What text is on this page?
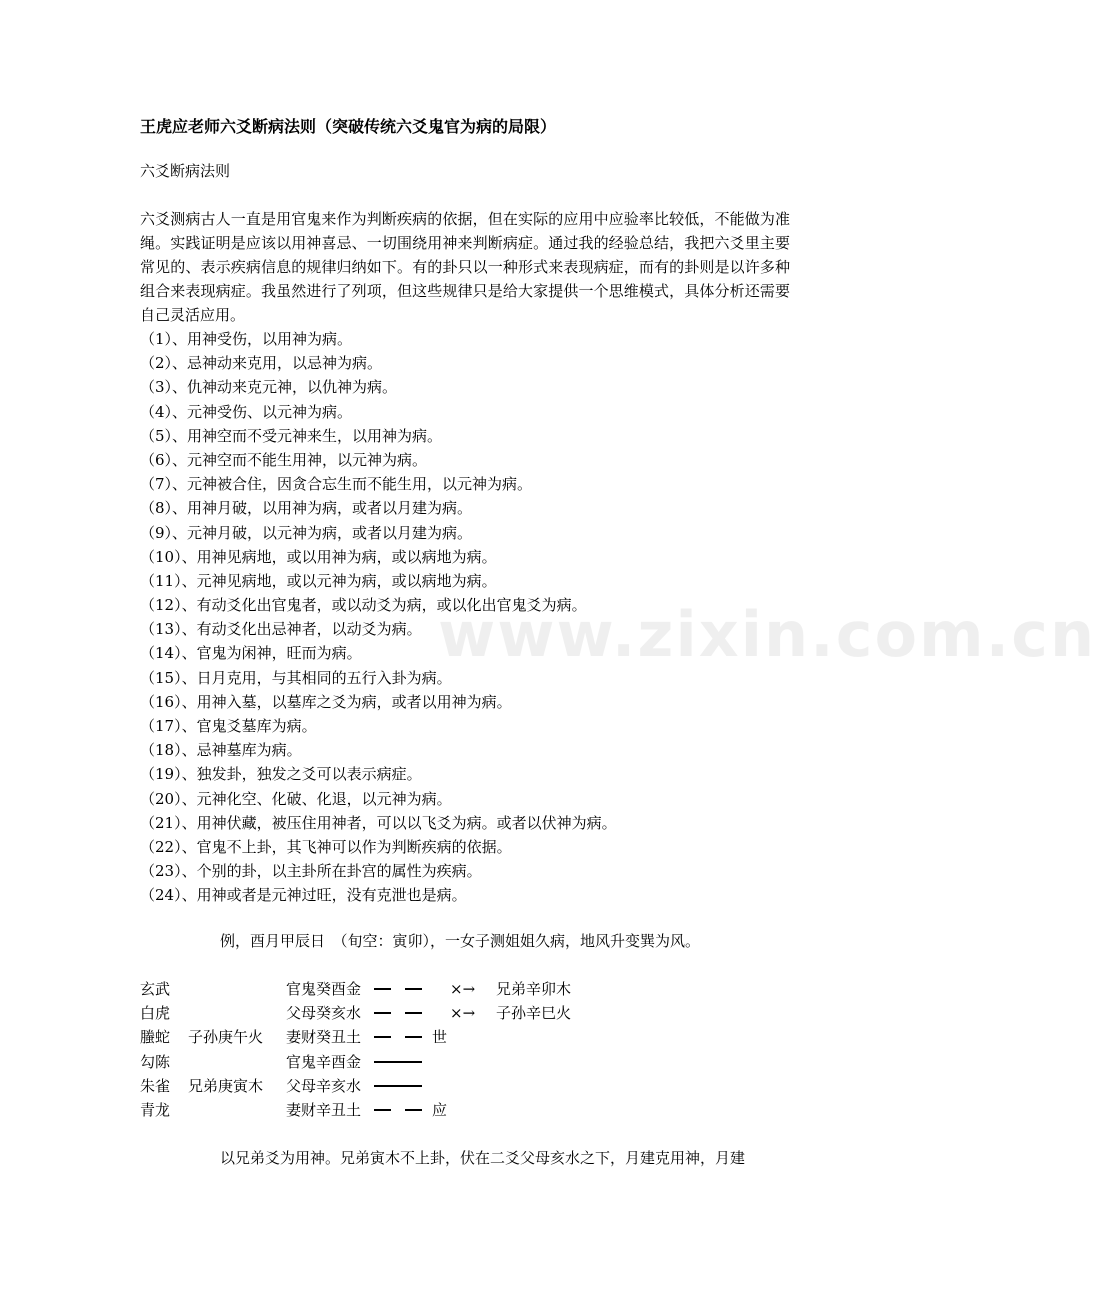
www.zixin.com.cn
王虎应老师六爻断病法则（突破传统六爻鬼官为病的局限）
六爻断病法则

六爻测病古人一直是用官鬼来作为判断疾病的依据，但在实际的应用中应验率比较低，不能做为准绳。实践证明是应该以用神喜忌、一切围绕用神来判断病症。通过我的经验总结，我把六爻里主要常见的、表示疾病信息的规律归纳如下。有的卦只以一种形式来表现病症，而有的卦则是以许多种组合来表现病症。我虽然进行了列项，但这些规律只是给大家提供一个思维模式，具体分析还需要自己灵活应用。

（1）、用神受伤，以用神为病。
（2）、忌神动来克用，以忌神为病。
（3）、仇神动来克元神，以仇神为病。
（4）、元神受伤、以元神为病。
（5）、用神空而不受元神来生，以用神为病。
（6）、元神空而不能生用神，以元神为病。
（7）、元神被合住，因贪合忘生而不能生用，以元神为病。
（8）、用神月破，以用神为病，或者以月建为病。
（9）、元神月破，以元神为病，或者以月建为病。
（10）、用神见病地，或以用神为病，或以病地为病。
（11）、元神见病地，或以元神为病，或以病地为病。
（12）、有动爻化出官鬼者，或以动爻为病，或以化出官鬼爻为病。
（13）、有动爻化出忌神者，以动爻为病。
（14）、官鬼为闲神，旺而为病。
（15）、日月克用，与其相同的五行入卦为病。
（16）、用神入墓，以墓库之爻为病，或者以用神为病。
（17）、官鬼爻墓库为病。
（18）、忌神墓库为病。
（19）、独发卦，独发之爻可以表示病症。
（20）、元神化空、化破、化退，以元神为病。
（21）、用神伏藏，被压住用神者，可以以飞爻为病。或者以伏神为病。
（22）、官鬼不上卦，其飞神可以作为判断疾病的依据。
（23）、个别的卦，以主卦所在卦宫的属性为疾病。
（24）、用神或者是元神过旺，没有克泄也是病。
例，酉月甲辰日　（旬空：寅卯），一女子测姐姐久病，地风升变巽为风。
玄武	官鬼癸酉金	×→ 兄弟辛卯木
白虎	父母癸亥水	×→ 子孙辛巳火
螣蛇 子孙庚午火 妻财癸丑土	世
勾陈	官鬼辛酉金
朱雀 兄弟庚寅木 父母辛亥水
青龙	妻财辛丑土	应
以兄弟爻为用神。兄弟寅木不上卦，伏在二爻父母亥水之下，月建克用神，月建
